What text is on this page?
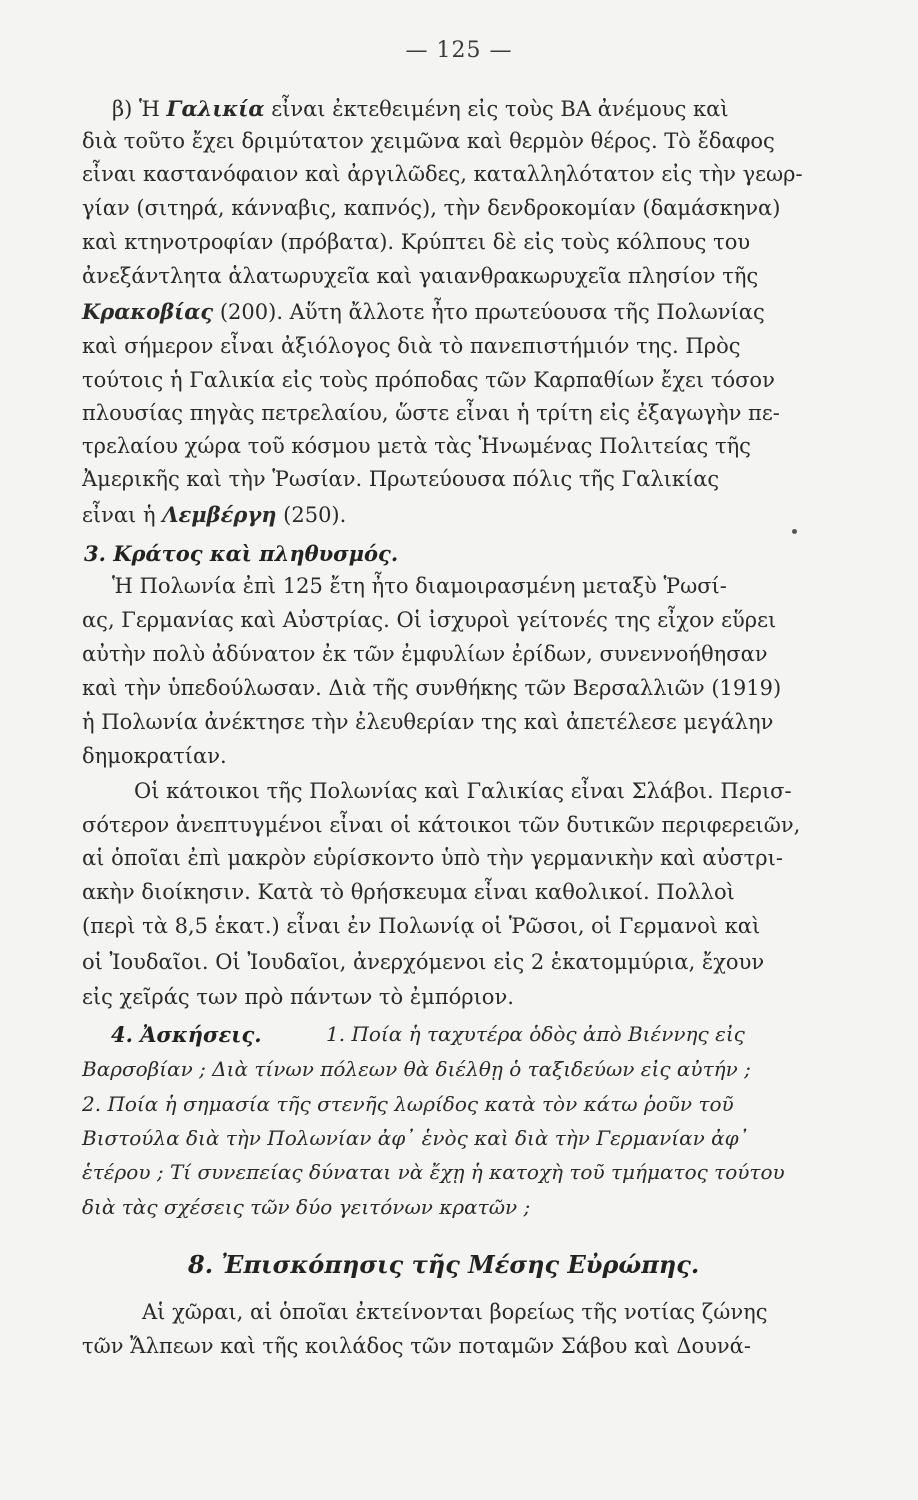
— 125 —
β) Ἡ Γαλικία εἶναι ἐκτεθειμένη εἰς τοὺς ΒΑ ἀνέμους καὶ
διὰ τοῦτο ἔχει δριμύτατον χειμῶνα καὶ θερμὸν θέρος. Τὸ ἔδαφος
εἶναι καστανόφαιον καὶ ἀργιλῶδες, καταλληλότατον εἰς τὴν γεωρ-
γίαν (σιτηρά, κάνναβις, καπνός), τὴν δενδροκομίαν (δαμάσκηνα)
καὶ κτηνοτροφίαν (πρόβατα). Κρύπτει δὲ εἰς τοὺς κόλπους του
ἀνεξάντλητα ἁλατωρυχεῖα καὶ γαιανθρακωρυχεῖα πλησίον τῆς
Κρακοβίας (200). Αὕτη ἄλλοτε ἦτο πρωτεύουσα τῆς Πολωνίας
καὶ σήμερον εἶναι ἀξιόλογος διὰ τὸ πανεπιστήμιόν της. Πρὸς
τούτοις ἡ Γαλικία εἰς τοὺς πρόποδας τῶν Καρπαθίων ἔχει τόσον
πλουσίας πηγὰς πετρελαίου, ὥστε εἶναι ἡ τρίτη εἰς ἐξαγωγὴν πε-
τρελαίου χώρα τοῦ κόσμου μετὰ τὰς Ἡνωμένας Πολιτείας τῆς
Ἀμερικῆς καὶ τὴν Ῥωσίαν. Πρωτεύουσα πόλις τῆς Γαλικίας
εἶναι ἡ Λεμβέργη (250).
3. Κράτος καὶ πληθυσμός.
Ἡ Πολωνία ἐπὶ 125 ἔτη ἦτο διαμοιρασμένη μεταξὺ Ῥωσί-
ας, Γερμανίας καὶ Αὐστρίας. Οἱ ἰσχυροὶ γείτονές της εἶχον εὕρει
αὐτὴν πολὺ ἀδύνατον ἐκ τῶν ἐμφυλίων ἐρίδων, συνεννοήθησαν
καὶ τὴν ὑπεδούλωσαν. Διὰ τῆς συνθήκης τῶν Βερσαλλιῶν (1919)
ἡ Πολωνία ἀνέκτησε τὴν ἐλευθερίαν της καὶ ἀπετέλεσε μεγάλην
δημοκρατίαν.
Οἱ κάτοικοι τῆς Πολωνίας καὶ Γαλικίας εἶναι Σλάβοι. Περισ-
σότερον ἀνεπτυγμένοι εἶναι οἱ κάτοικοι τῶν δυτικῶν περιφερειῶν,
αἱ ὁποῖαι ἐπὶ μακρὸν εὑρίσκοντο ὑπὸ τὴν γερμανικὴν καὶ αὐστρι-
ακὴν διοίκησιν. Κατὰ τὸ θρήσκευμα εἶναι καθολικοί. Πολλοὶ
(περὶ τὰ 8,5 ἑκατ.) εἶναι ἐν Πολωνίᾳ οἱ Ῥῶσοι, οἱ Γερμανοὶ καὶ
οἱ Ἰουδαῖοι. Οἱ Ἰουδαῖοι, ἀνερχόμενοι εἰς 2 ἑκατομμύρια, ἔχουν
εἰς χεῖράς των πρὸ πάντων τὸ ἐμπόριον.
4. Ἀσκήσεις.	1. Ποία ἡ ταχυτέρα ὁδὸς ἀπὸ Βιέννης εἰς
Βαρσοβίαν ; Διὰ τίνων πόλεων θὰ διέλθῃ ὁ ταξιδεύων εἰς αὐτήν ;
2. Ποία ἡ σημασία τῆς στενῆς λωρίδος κατὰ τὸν κάτω ῥοῦν τοῦ
Βιστούλα διὰ τὴν Πολωνίαν ἀφ᾽ ἑνὸς καὶ διὰ τὴν Γερμανίαν ἀφ᾽
ἑτέρου ; Τί συνεπείας δύναται νὰ ἔχῃ ἡ κατοχὴ τοῦ τμήματος τούτου
διὰ τὰς σχέσεις τῶν δύο γειτόνων κρατῶν ;
8. Ἐπισκόπησις τῆς Μέσης Εὐρώπης.
Αἱ χῶραι, αἱ ὁποῖαι ἐκτείνονται βορείως τῆς νοτίας ζώνης
τῶν Ἄλπεων καὶ τῆς κοιλάδος τῶν ποταμῶν Σάβου καὶ Δουνά-
